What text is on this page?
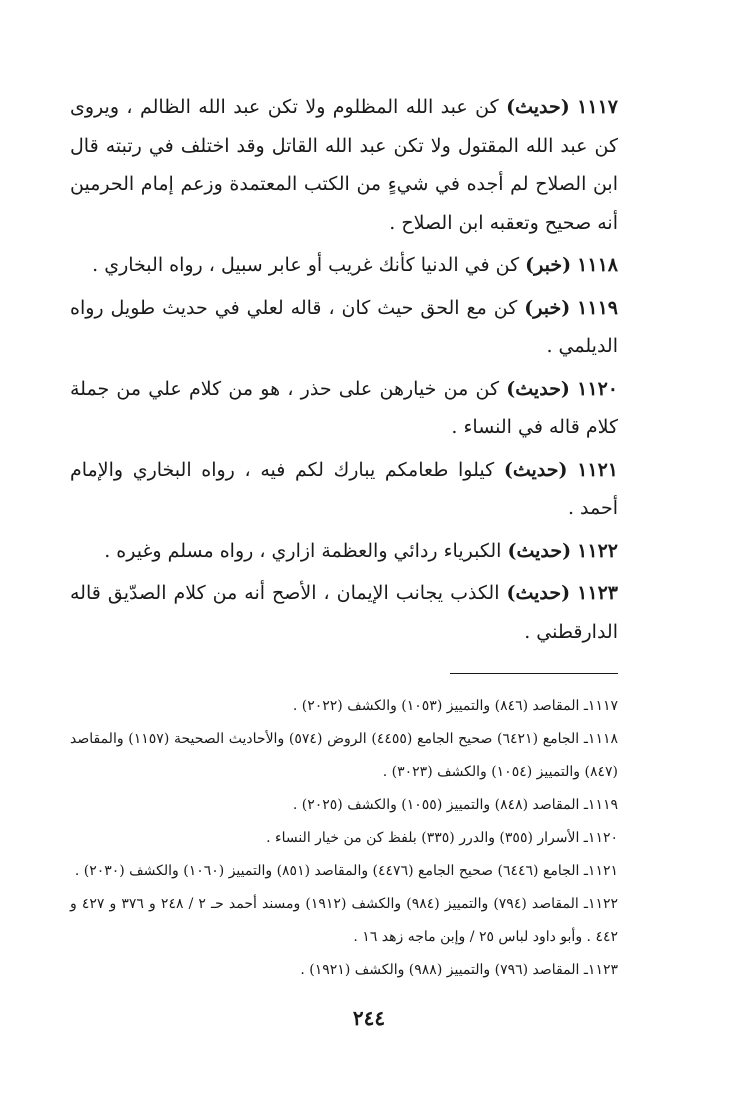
١١١٧ (حديث) كن عبد الله المظلوم ولا تكن عبد الله الظالم ، ويروى كن عبد الله المقتول ولا تكن عبد الله القاتل وقد اختلف في رتبته قال ابن الصلاح لم أجده في شيءٍ من الكتب المعتمدة وزعم إمام الحرمين أنه صحيح وتعقبه ابن الصلاح .

١١١٨ (خبر) كن في الدنيا كأنك غريب أو عابر سبيل ، رواه البخاري .

١١١٩ (خبر) كن مع الحق حيث كان ، قاله لعلي في حديث طويل رواه الديلمي .

١١٢٠ (حديث) كن من خيارهن على حذر ، هو من كلام علي من جملة كلام قاله في النساء .

١١٢١ (حديث) كيلوا طعامكم يبارك لكم فيه ، رواه البخاري والإمام أحمد .

١١٢٢ (حديث) الكبرياء ردائي والعظمة ازاري ، رواه مسلم وغيره .

١١٢٣ (حديث) الكذب يجانب الإيمان ، الأصح أنه من كلام الصدّيق قاله الدارقطني .

١١١٧ـ المقاصد (٨٤٦) والتمييز (١٠٥٣) والكشف (٢٠٢٢) .

١١١٨ـ الجامع (٦٤٢١) صحيح الجامع (٤٤٥٥) الروض (٥٧٤) والأحاديث الصحيحة (١١٥٧) والمقاصد (٨٤٧) والتمييز (١٠٥٤) والكشف (٣٠٢٣) .

١١١٩ـ المقاصد (٨٤٨) والتمييز (١٠٥٥) والكشف (٢٠٢٥) .

١١٢٠ـ الأسرار (٣٥٥) والدرر (٣٣٥) بلفظ كن من خيار النساء .

١١٢١ـ الجامع (٦٤٤٦) صحيح الجامع (٤٤٧٦) والمقاصد (٨٥١) والتمييز (١٠٦٠) والكشف (٢٠٣٠) .

١١٢٢ـ المقاصد (٧٩٤) والتمييز (٩٨٤) والكشف (١٩١٢) ومسند أحمد حـ ٢ / ٢٤٨ و ٣٧٦ و ٤٢٧ و ٤٤٢ . وأبو داود لباس ٢٥ / وإبن ماجه زهد ١٦ .

١١٢٣ـ المقاصد (٧٩٦) والتمييز (٩٨٨) والكشف (١٩٢١) .

٢٤٤
